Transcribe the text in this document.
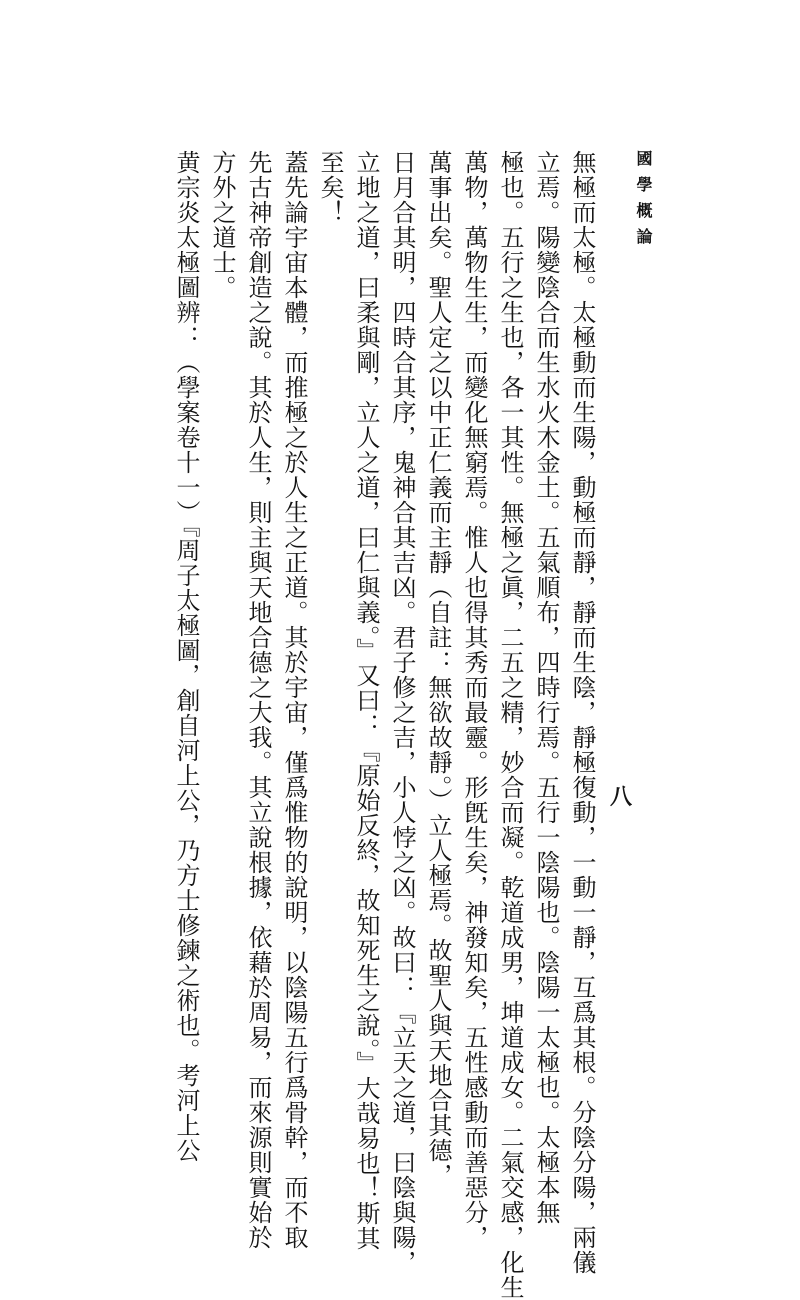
國學概論
八
無極而太極。太極動而生陽，動極而靜，靜而生陰，靜極復動，一動一靜，互爲其根。分陰分陽，兩儀
立焉。陽變陰合而生水火木金土。五氣順布，四時行焉。五行一陰陽也。陰陽一太極也。太極本無
極也。五行之生也，各一其性。無極之眞，二五之精，妙合而凝。乾道成男，坤道成女。二氣交感，化生
萬物，萬物生生，而變化無窮焉。惟人也得其秀而最靈。形旣生矣，神發知矣，五性感動而善惡分，
萬事出矣。聖人定之以中正仁義而主靜（自註：無欲故靜。）立人極焉。故聖人與天地合其德，
日月合其明，四時合其序，鬼神合其吉凶。君子修之吉，小人悖之凶。故曰：『立天之道，曰陰與陽，
立地之道，曰柔與剛，立人之道，曰仁與義。』又曰：『原始反終，故知死生之說。』大哉易也！斯其
至矣！
蓋先論宇宙本體，而推極之於人生之正道。其於宇宙，僅爲惟物的說明，以陰陽五行爲骨幹，而不取
先古神帝創造之說。其於人生，則主與天地合德之大我。其立說根據，依藉於周易，而來源則實始於
方外之道士。
黄宗炎太極圖辨：（學案卷十一）『周子太極圖，創自河上公，乃方士修鍊之術也。考河上公
